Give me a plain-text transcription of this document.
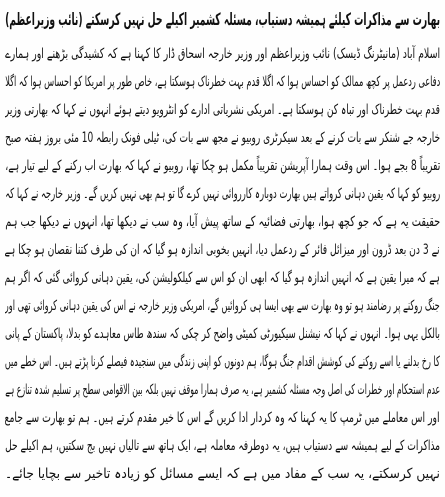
بھارت سے مذاکرات کیلئے ہمیشہ دستیاب، مسئلہ کشمیر اکیلے حل نہیں کرسکتے (نائب وزیراعظم)
اسلام آباد (مانیٹرنگ ڈیسک) نائب وزیراعظم اور وزیر خارجہ اسحاق ڈار کا کہنا ہے کہ کشیدگی بڑھنے اور ہمارے
دفاعی ردعمل پر کچھ ممالک کو احساس ہوا کہ اگلا قدم بہت خطرناک ہوسکتا ہے، خاص طور پر امریکا کو احساس ہوا کہ اگلا
قدم بہت خطرناک اور تباہ کن ہوسکتا ہے۔ امریکی نشریاتی ادارے کو انٹرویو دیتے ہوئے انہوں نے کہا کہ بھارتی وزیر
خارجہ جے شنکر سے بات کرنے کے بعد سیکرٹری روبیو نے مجھ سے بات کی، ٹیلی فونک رابطہ 10 مئی بروز ہفتہ صبح
تقریباً 8 بجے ہوا۔ اس وقت ہمارا آپریشن تقریباً مکمل ہو چکا تھا، روبیو نے کہا کہ بھارت اب رکنے کے لیے تیار ہے،
روبیو کو کہا کہ یقین دہانی کرواتے ہیں بھارت دوبارہ کارروائی نہیں کرے گا تو ہم بھی نہیں کریں گے۔ وزیر خارجہ نے کہا کہ
حقیقت یہ ہے کہ جو کچھ ہوا، بھارتی فضائیہ کے ساتھ پیش آیا، وہ سب نے دیکھا تھا، انہوں نے دیکھا جب ہم
نے 3 دن بعد ڈرون اور میزائل فائر کے ردعمل دیا، انہیں بخوبی اندازہ ہو گیا کہ ان کی طرف کتنا نقصان ہو چکا ہے
ہے کہ میرا یقین ہے کہ انہیں اندازہ ہو گیا کہ ابھی ان کو اس سے کیلکولیشن کی، یقین دہانی کروائی گئی کہ اگر ہم
جنگ روکنے پر رضامند ہو تو وہ بھارت سے بھی ایسا ہی کروائیں گے، امریکی وزیر خارجہ نے اس کی یقین دہانی کروائی تھی اور
بالکل یہی ہوا۔ انہوں نے کہا کہ نیشنل سیکیورٹی کمیٹی واضح کر چکی کہ سندھ طاس معاہدے کو بدلا، پاکستان کے پانی
کا رخ بدلنے یا اسے روکنے کی کوشش اقدام جنگ ہوگا، ہم دونوں کو اپنی زندگی میں سنجیدہ فیصلے کرنا پڑتے ہیں۔ اس خطے میں
عدم استحکام اور خطرات کی اصل وجہ مسئلہ کشمیر ہے، یہ صرف ہمارا موقف نہیں بلکہ بین الاقوامی سطح پر تسلیم شدہ تنازع ہے
اور اس معاملے میں ٹرمپ کا یہ کہنا کہ وہ کردار ادا کریں گے اس کا خیر مقدم کرتے ہیں۔ ہم تو بھارت سے جامع
مذاکرات کے لیے ہمیشہ سے دستیاب ہیں، یہ دوطرفہ معاملہ ہے، ایک ہاتھ سے تالیاں نہیں بج سکتیں، ہم اکیلے حل
نہیں کرسکتے، یہ سب کے مفاد میں ہے کہ ایسے مسائل کو زیادہ تاخیر سے بچایا جائے۔
